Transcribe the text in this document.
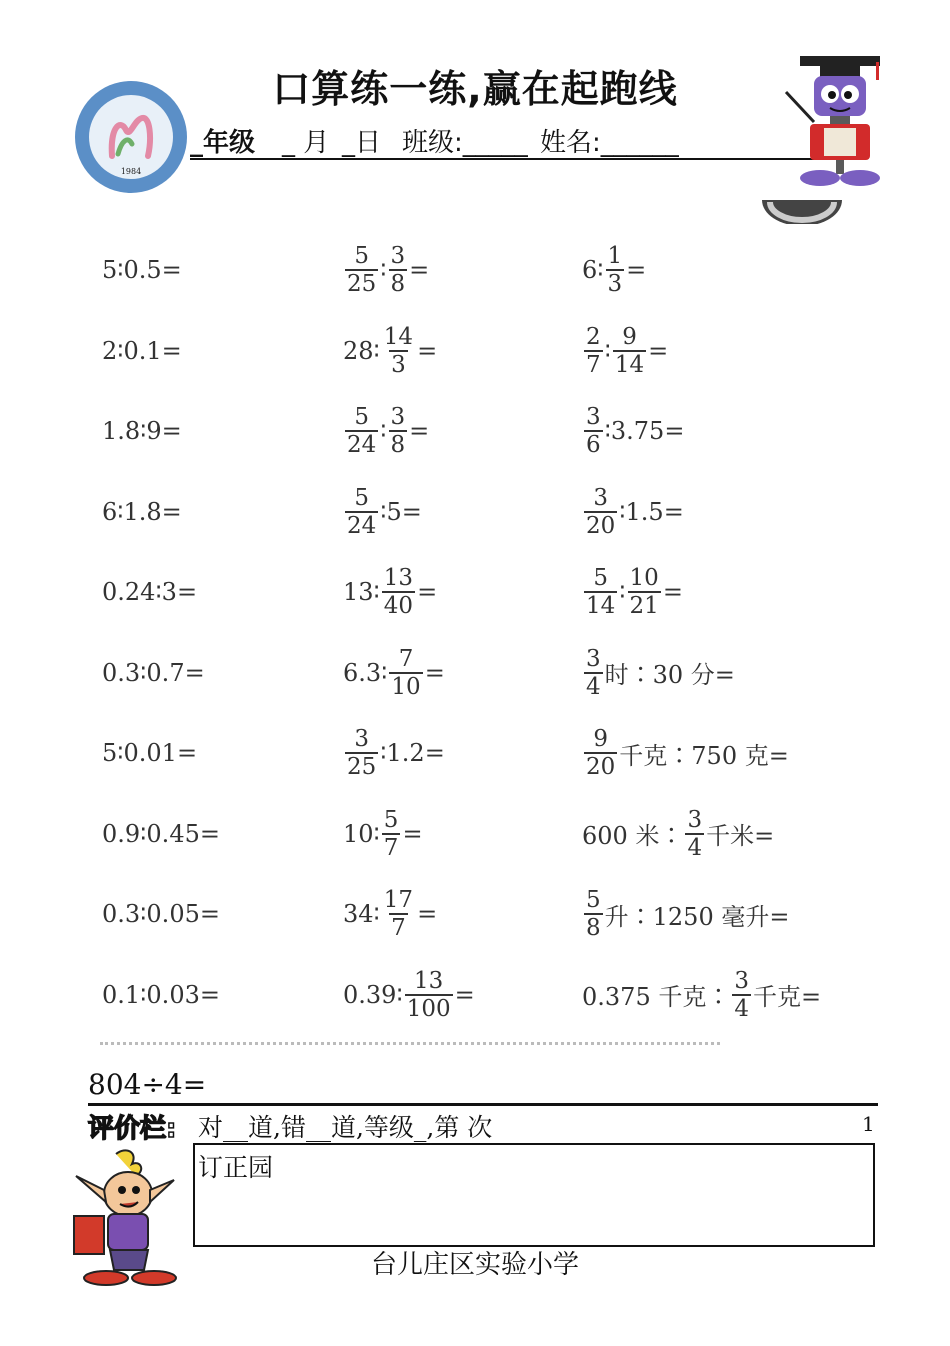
口算练一练,赢在起跑线
1984
_年级 _ 月 _日 班级:_____ 姓名:______
5∶0.5=
2∶0.1=
1.8∶9=
6∶1.8=
0.24∶3=
0.3∶0.7=
5∶0.01=
0.9∶0.45=
0.3∶0.05=
0.1∶0.03=
$\frac{5}{25}$ ∶ $\frac{3}{8}$ =
28 ∶ $\frac{14}{3}$ =
$\frac{5}{24}$ ∶ $\frac{3}{8}$ =
$\frac{5}{24}$ ∶5=
13 ∶ $\frac{13}{40}$ =
6.3 ∶ $\frac{7}{10}$ =
$\frac{3}{25}$ ∶1.2=
10 ∶ $\frac{5}{7}$ =
34 ∶ $\frac{17}{7}$ =
0.39 ∶ $\frac{13}{100}$ =
6 ∶ $\frac{1}{3}$ =
$\frac{2}{7}$ ∶ $\frac{9}{14}$ =
$\frac{3}{6}$ ∶3.75=
$\frac{3}{20}$ ∶1.5=
$\frac{5}{14}$ ∶ $\frac{10}{21}$ =
$\frac{3}{4}$ 时∶30 分=
$\frac{9}{20}$ 千克∶750 克=
600 米∶ $\frac{3}{4}$ 千米=
$\frac{5}{8}$ 升∶1250 毫升=
0.375 千克∶ $\frac{3}{4}$ 千克=
804÷4=
评价栏: 对__道,错__道,等级_,第 次	1
订正园
台儿庄区实验小学
